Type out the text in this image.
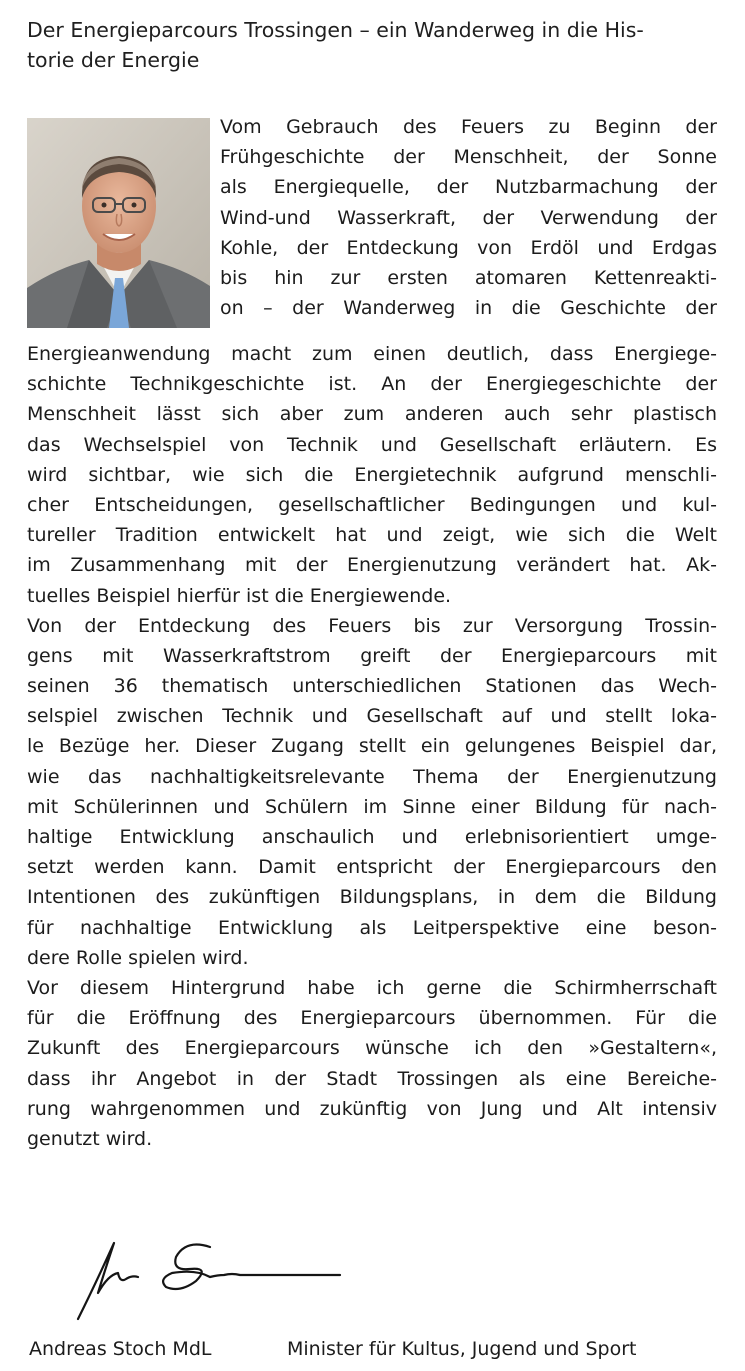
Der Energieparcours Trossingen – ein Wanderweg in die His-
torie der Energie
Vom Gebrauch des Feuers zu Beginn der
Frühgeschichte der Menschheit, der Sonne
als Energiequelle, der Nutzbarmachung der
Wind-und Wasserkraft, der Verwendung der
Kohle, der Entdeckung von Erdöl und Erdgas
bis hin zur ersten atomaren Kettenreakti-
on – der Wanderweg in die Geschichte der
Energieanwendung macht zum einen deutlich, dass Energiege-
schichte Technikgeschichte ist. An der Energiegeschichte der
Menschheit lässt sich aber zum anderen auch sehr plastisch
das Wechselspiel von Technik und Gesellschaft erläutern. Es
wird sichtbar, wie sich die Energietechnik aufgrund menschli-
cher Entscheidungen, gesellschaftlicher Bedingungen und kul-
tureller Tradition entwickelt hat und zeigt, wie sich die Welt
im Zusammenhang mit der Energienutzung verändert hat. Ak-
tuelles Beispiel hierfür ist die Energiewende.
Von der Entdeckung des Feuers bis zur Versorgung Trossin-
gens mit Wasserkraftstrom greift der Energieparcours mit
seinen 36 thematisch unterschiedlichen Stationen das Wech-
selspiel zwischen Technik und Gesellschaft auf und stellt loka-
le Bezüge her. Dieser Zugang stellt ein gelungenes Beispiel dar,
wie das nachhaltigkeitsrelevante Thema der Energienutzung
mit Schülerinnen und Schülern im Sinne einer Bildung für nach-
haltige Entwicklung anschaulich und erlebnisorientiert umge-
setzt werden kann. Damit entspricht der Energieparcours den
Intentionen des zukünftigen Bildungsplans, in dem die Bildung
für nachhaltige Entwicklung als Leitperspektive eine beson-
dere Rolle spielen wird.
Vor diesem Hintergrund habe ich gerne die Schirmherrschaft
für die Eröffnung des Energieparcours übernommen. Für die
Zukunft des Energieparcours wünsche ich den »Gestaltern«,
dass ihr Angebot in der Stadt Trossingen als eine Bereiche-
rung wahrgenommen und zukünftig von Jung und Alt intensiv
genutzt wird.
Andreas Stoch MdL	Minister für Kultus, Jugend und Sport
